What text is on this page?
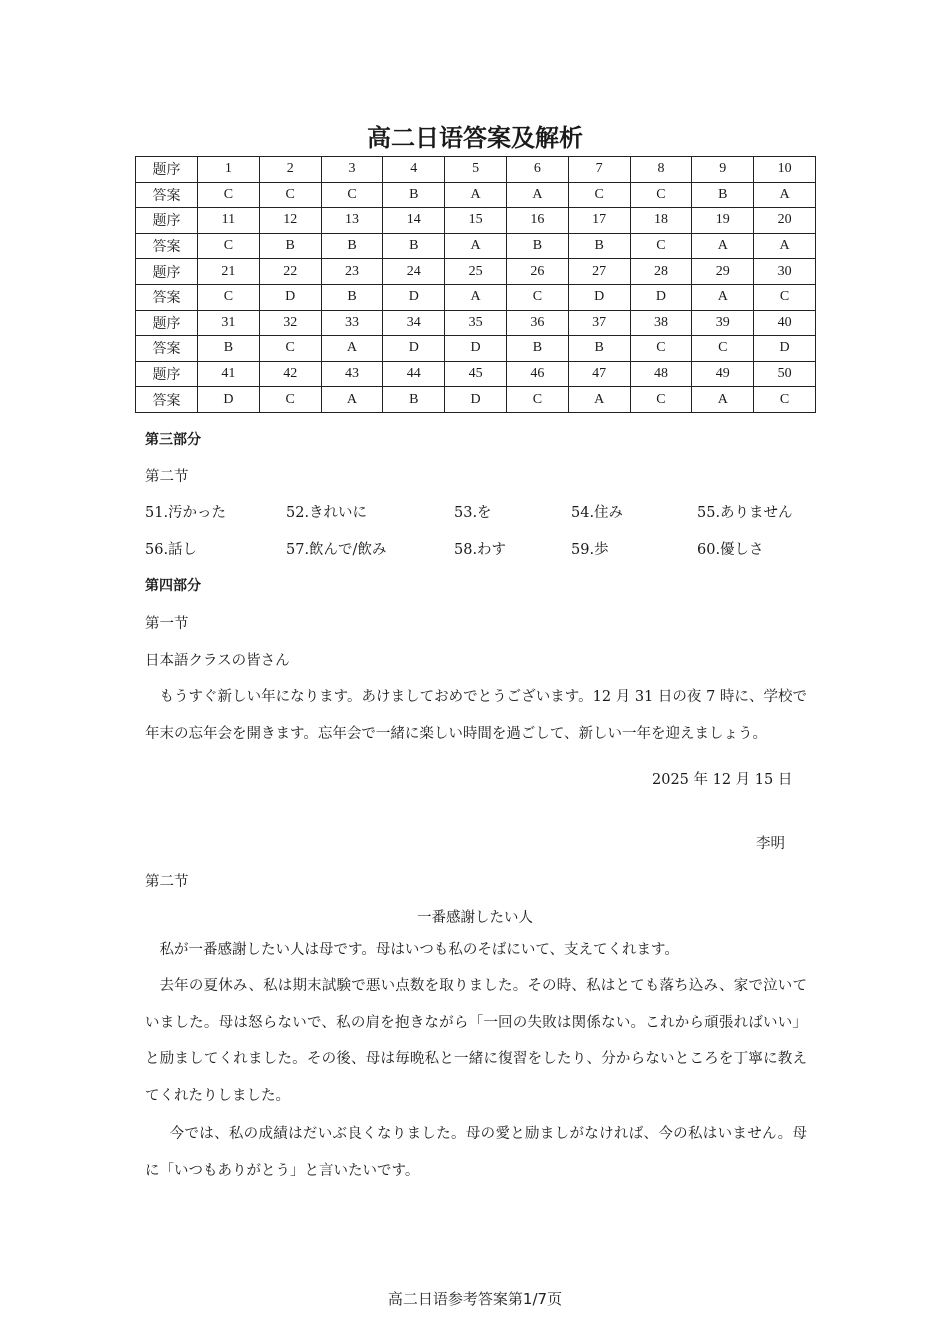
高二日语答案及解析
题序	1	2	3	4	5	6	7	8	9	10
答案	C	C	C	B	A	A	C	C	B	A
题序	11	12	13	14	15	16	17	18	19	20
答案	C	B	B	B	A	B	B	C	A	A
题序	21	22	23	24	25	26	27	28	29	30
答案	C	D	B	D	A	C	D	D	A	C
题序	31	32	33	34	35	36	37	38	39	40
答案	B	C	A	D	D	B	B	C	C	D
题序	41	42	43	44	45	46	47	48	49	50
答案	D	C	A	B	D	C	A	C	A	C
第三部分
第二节
51.汚かった	52.きれいに	53.を	54.住み	55.ありません
56.話し	57.飲んで/飲み	58.わす	59.歩	60.優しさ
第四部分
第一节
日本語クラスの皆さん
もうすぐ新しい年になります。あけましておめでとうございます。12 月 31 日の夜 7 時に、学校で年末の忘年会を開きます。忘年会で一緒に楽しい時間を過ごして、新しい一年を迎えましょう。
2025 年 12 月 15 日
李明
第二节
一番感謝したい人
私が一番感謝したい人は母です。母はいつも私のそばにいて、支えてくれます。
去年の夏休み、私は期末試験で悪い点数を取りました。その時、私はとても落ち込み、家で泣いていました。母は怒らないで、私の肩を抱きながら「一回の失敗は関係ない。これから頑張ればいい」と励ましてくれました。その後、母は毎晩私と一緒に復習をしたり、分からないところを丁寧に教えてくれたりしました。
今では、私の成績はだいぶ良くなりました。母の愛と励ましがなければ、今の私はいません。母に「いつもありがとう」と言いたいです。
高二日语参考答案第1/7页
